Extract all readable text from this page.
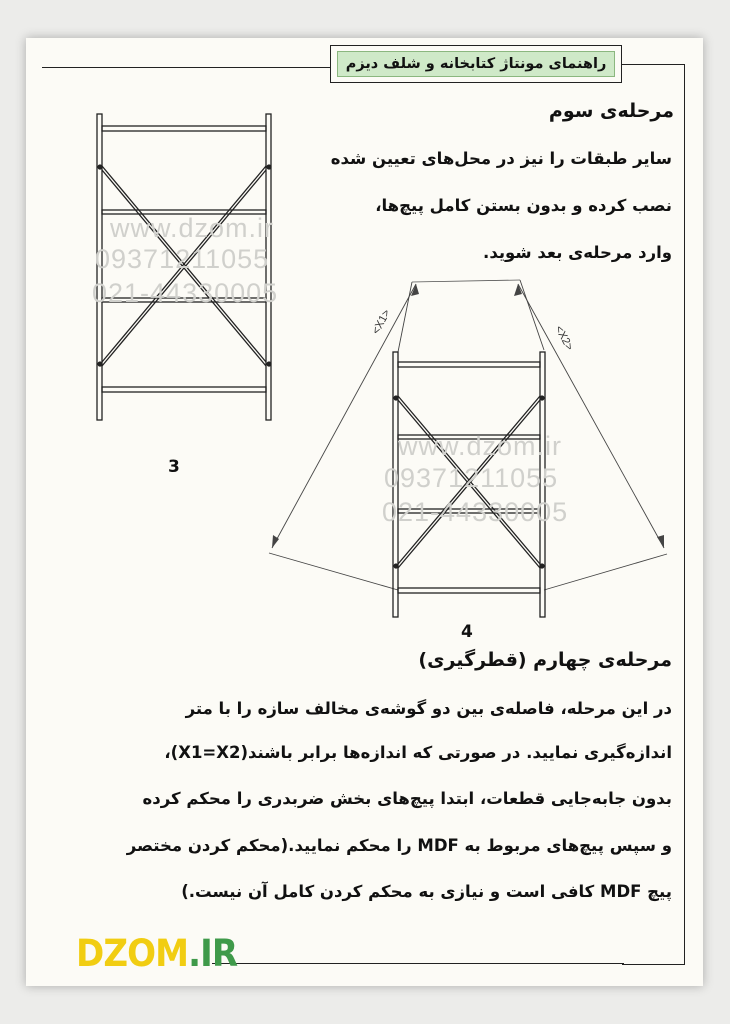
راهنمای مونتاژ کتابخانه و شلف دیزم
مرحله‌ی سوم
سایر طبقات را نیز در محل‌های تعیین شده
نصب کرده و بدون بستن کامل پیچ‌ها،
وارد مرحله‌ی بعد شوید.
<X1>
<X2>
www.dzom.ir
09371211055
021-44330005
www.dzom.ir
09371211055
021-44330005
3
4
مرحله‌ی چهارم (قطرگیری)
در این مرحله، فاصله‌ی بین دو گوشه‌ی مخالف سازه را با متر
اندازه‌گیری نمایید. در صورتی که اندازه‌ها برابر باشند(X1=X2)،
بدون جابه‌جایی قطعات، ابتدا پیچ‌های بخش ضربدری را محکم کرده
و سپس پیچ‌های مربوط به MDF را محکم نمایید.(محکم کردن مختصر
پیچ MDF کافی است و نیازی به محکم کردن کامل آن نیست.)
DZOM.IR
